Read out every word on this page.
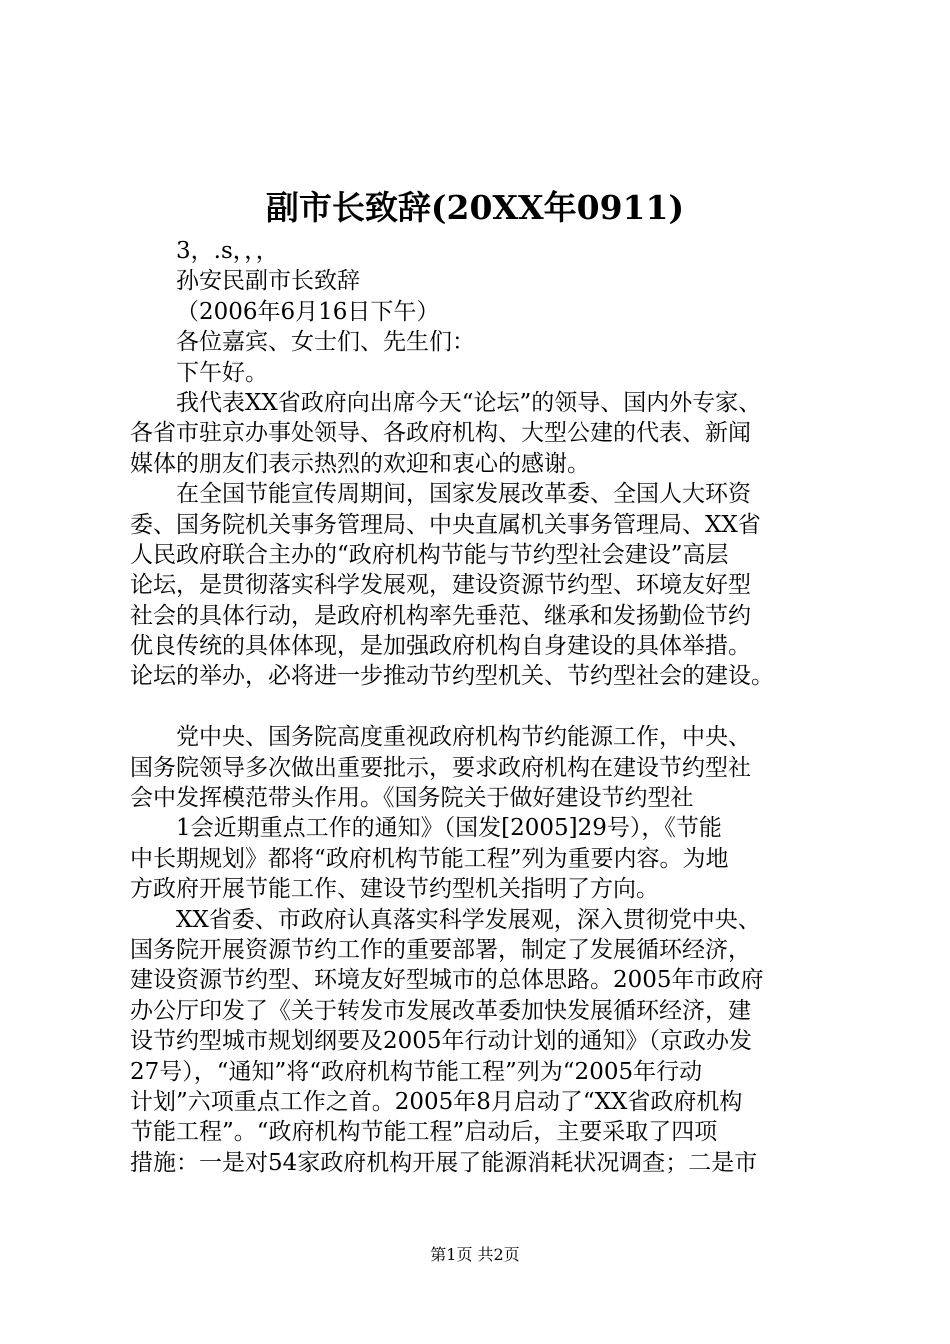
副市长致辞(20XX年0911)
3，.s，，，
孙安民副市长致辞
（2006年6月16日下午）
各位嘉宾、女士们、先生们：
下午好。
我代表XX省政府向出席今天“论坛”的领导、国内外专家、
各省市驻京办事处领导、各政府机构、大型公建的代表、新闻
媒体的朋友们表示热烈的欢迎和衷心的感谢。
在全国节能宣传周期间，国家发展改革委、全国人大环资
委、国务院机关事务管理局、中央直属机关事务管理局、XX省
人民政府联合主办的“政府机构节能与节约型社会建设”高层
论坛，是贯彻落实科学发展观，建设资源节约型、环境友好型
社会的具体行动，是政府机构率先垂范、继承和发扬勤俭节约
优良传统的具体体现，是加强政府机构自身建设的具体举措。
论坛的举办，必将进一步推动节约型机关、节约型社会的建设。
党中央、国务院高度重视政府机构节约能源工作，中央、
国务院领导多次做出重要批示，要求政府机构在建设节约型社
会中发挥模范带头作用。《国务院关于做好建设节约型社
1会近期重点工作的通知》（国发[2005]29号），《节能
中长期规划》都将“政府机构节能工程”列为重要内容。为地
方政府开展节能工作、建设节约型机关指明了方向。
XX省委、市政府认真落实科学发展观，深入贯彻党中央、
国务院开展资源节约工作的重要部署，制定了发展循环经济，
建设资源节约型、环境友好型城市的总体思路。2005年市政府
办公厅印发了《关于转发市发展改革委加快发展循环经济，建
设节约型城市规划纲要及2005年行动计划的通知》（京政办发
27号），“通知”将“政府机构节能工程”列为“2005年行动
计划”六项重点工作之首。2005年8月启动了“XX省政府机构
节能工程”。“政府机构节能工程”启动后，主要采取了四项
措施：一是对54家政府机构开展了能源消耗状况调查；二是市
第1页 共2页
